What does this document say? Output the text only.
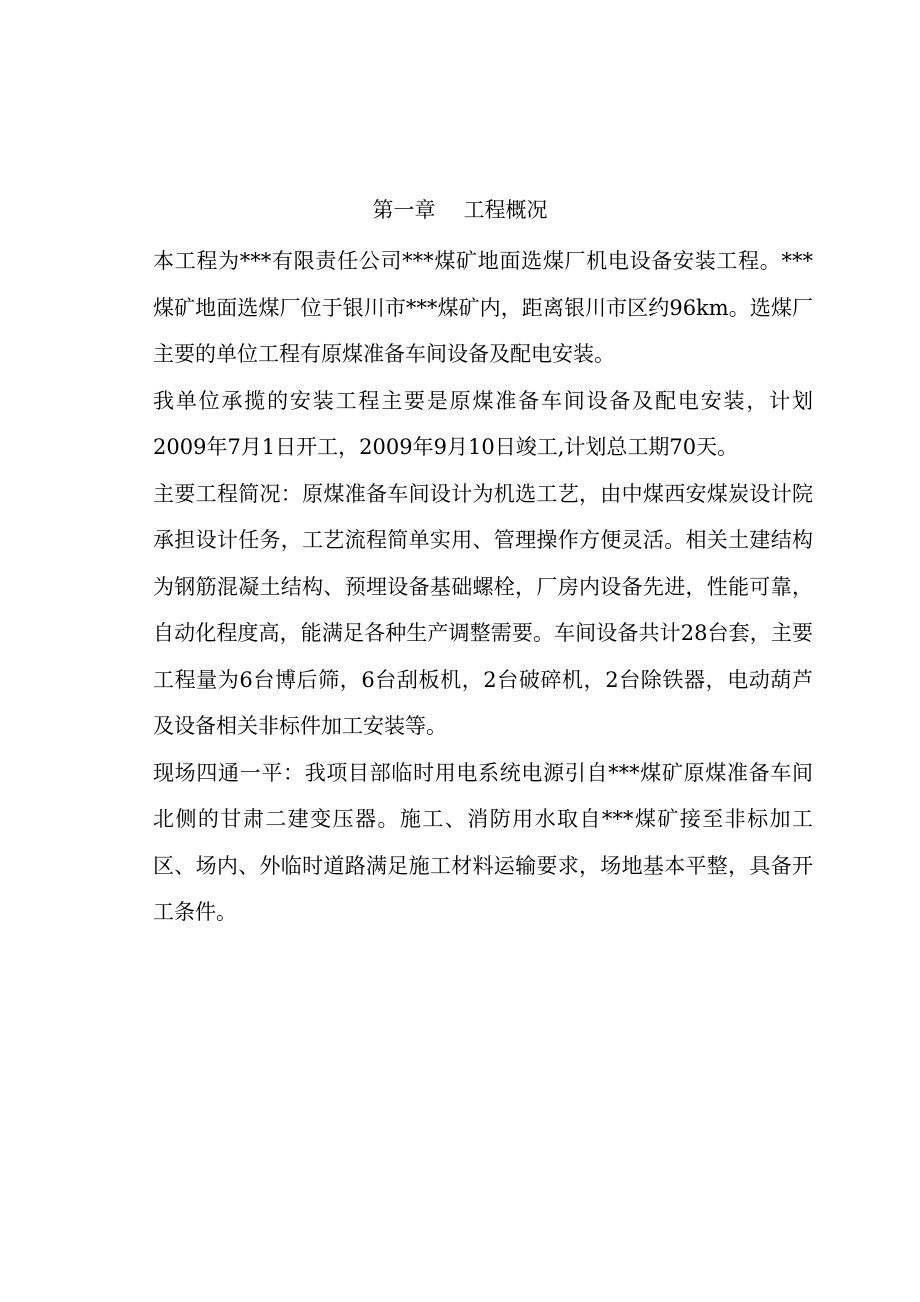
第一章 工程概况

本工程为***有限责任公司***煤矿地面选煤厂机电设备安装工程。***煤矿地面选煤厂位于银川市***煤矿内，距离银川市区约96km。选煤厂主要的单位工程有原煤准备车间设备及配电安装。

我单位承揽的安装工程主要是原煤准备车间设备及配电安装，计划2009年7月1日开工，2009年9月10日竣工,计划总工期70天。

主要工程简况：原煤准备车间设计为机选工艺，由中煤西安煤炭设计院承担设计任务，工艺流程简单实用、管理操作方便灵活。相关土建结构为钢筋混凝土结构、预埋设备基础螺栓，厂房内设备先进，性能可靠，自动化程度高，能满足各种生产调整需要。车间设备共计28台套，主要工程量为6台博后筛，6台刮板机，2台破碎机，2台除铁器，电动葫芦及设备相关非标件加工安装等。

现场四通一平：我项目部临时用电系统电源引自***煤矿原煤准备车间北侧的甘肃二建变压器。施工、消防用水取自***煤矿接至非标加工区、场内、外临时道路满足施工材料运输要求，场地基本平整，具备开工条件。
